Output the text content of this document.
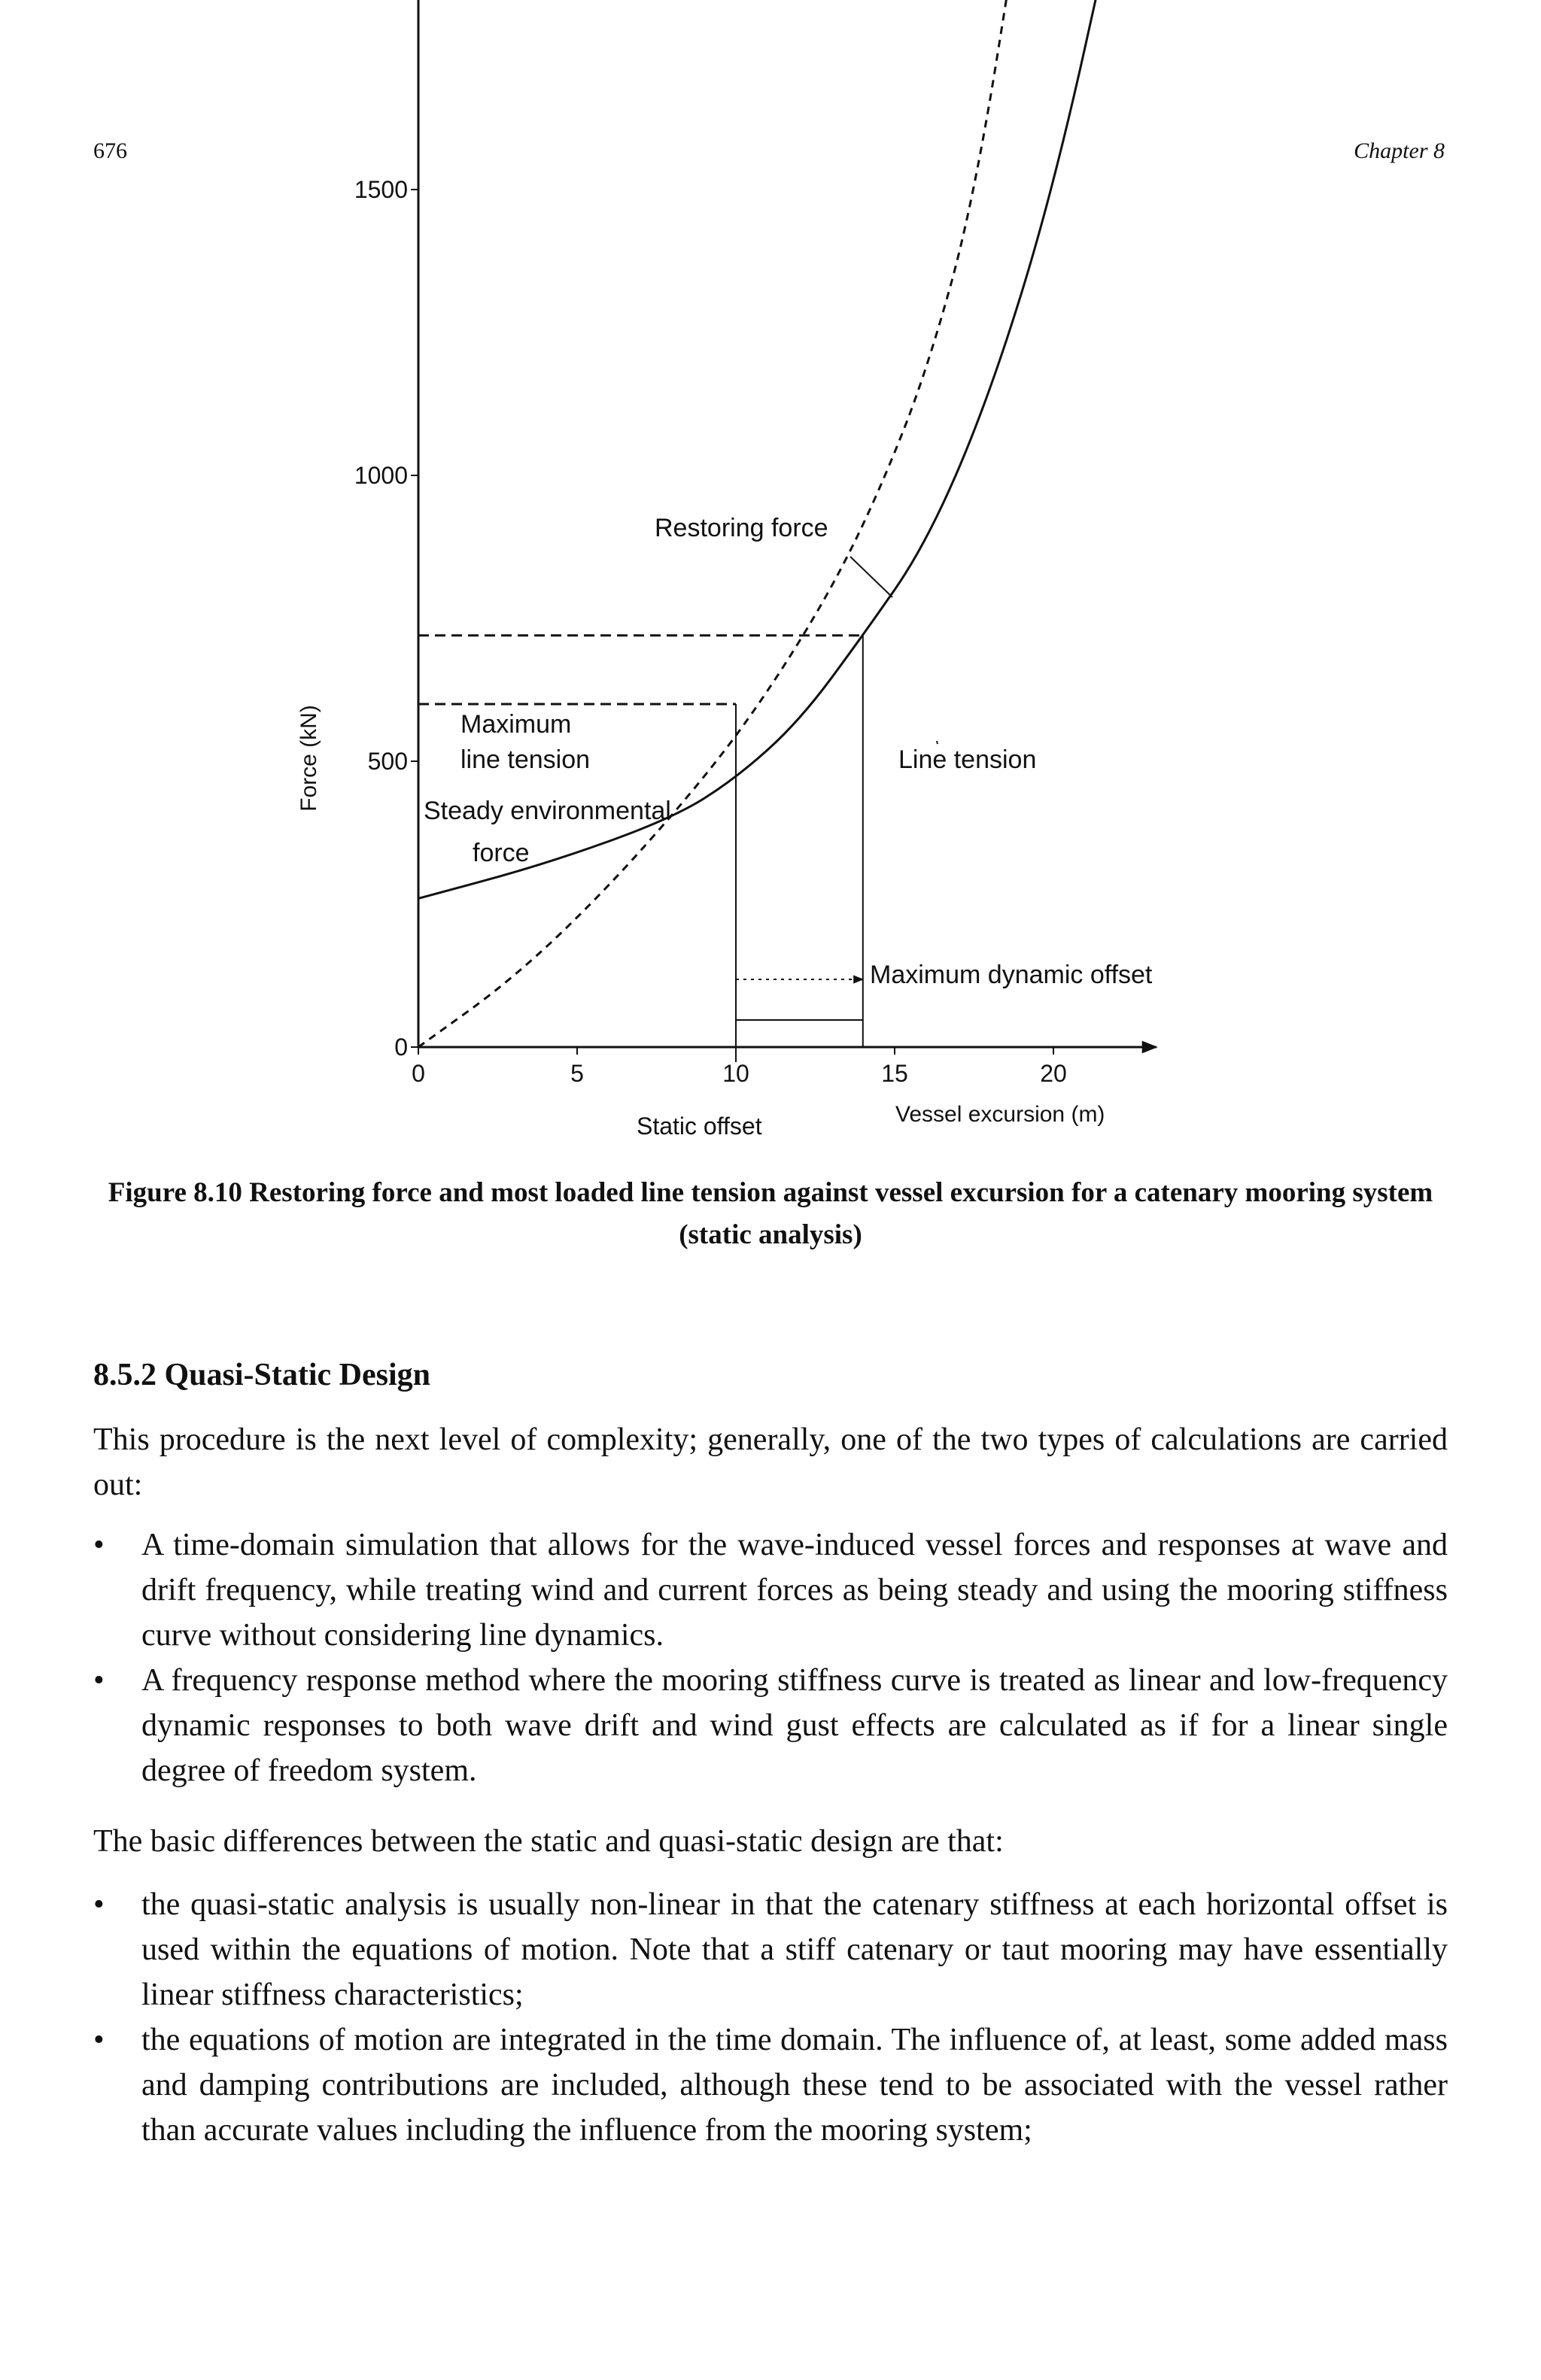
676	Chapter 8
0
500
1000
1500
0	5	10	15	20
Force (kN)
Vessel excursion (m)
Restoring force
Maximum
line tension
Steady environmental
force
Line tension
Maximum dynamic offset
Static offset
Figure 8.10 Restoring force and most loaded line tension against vessel excursion for a catenary mooring system (static analysis)
8.5.2 Quasi-Static Design

This procedure is the next level of complexity; generally, one of the two types of calculations are carried out:

• A time-domain simulation that allows for the wave-induced vessel forces and responses at wave and drift frequency, while treating wind and current forces as being steady and using the mooring stiffness curve without considering line dynamics.
• A frequency response method where the mooring stiffness curve is treated as linear and low-frequency dynamic responses to both wave drift and wind gust effects are calculated as if for a linear single degree of freedom system.

The basic differences between the static and quasi-static design are that:

• the quasi-static analysis is usually non-linear in that the catenary stiffness at each horizontal offset is used within the equations of motion. Note that a stiff catenary or taut mooring may have essentially linear stiffness characteristics;
• the equations of motion are integrated in the time domain. The influence of, at least, some added mass and damping contributions are included, although these tend to be associated with the vessel rather than accurate values including the influence from the mooring system;
